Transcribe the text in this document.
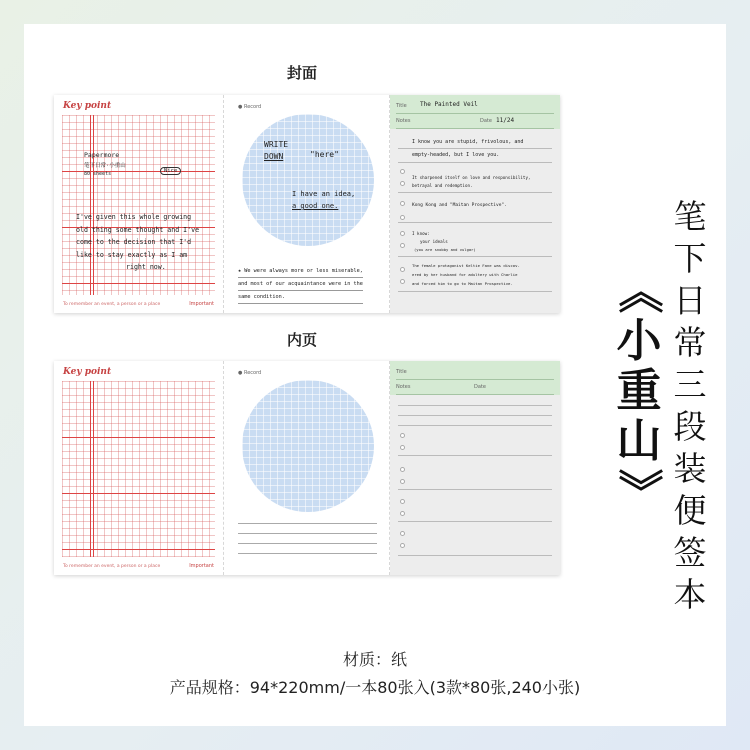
封面
Key point
Papermore
笔下日常·小重山
80 sheets	Nice
I've given this whole growing
old thing some thought and I've
come to the decision that I'd
like to stay exactly as I am
right now.
To remember an event, a person or a place	Important
● Record
WRITE
DOWN	"here"
I have an idea,
a good one.
★ We were always more or less miserable,
and most of our acquaintance were in the
same condition.
Title The Painted Veil
Notes	Date 11/24
I know you are stupid, frivolous, and
empty-headed, but I love you.
It sharpened itself on love and responsibility,
betrayal and redemption.
Kong Kong and "Maitan Prospective".
I know:
your ideals
(you are snobby and vulgar)
The female protagonist Keltie Fane was discov-
ered by her husband for adultery with Charlie
and forced him to go to Maitan Prospective.
内页
Key point
To remember an event, a person or a place	Important
● Record	Title
Notes	Date
笔
下
日
常
三
段
装
便
签
本
《
小
重
山
》
材质：纸
产品规格：94*220mm/一本80张入(3款*80张,240小张)
